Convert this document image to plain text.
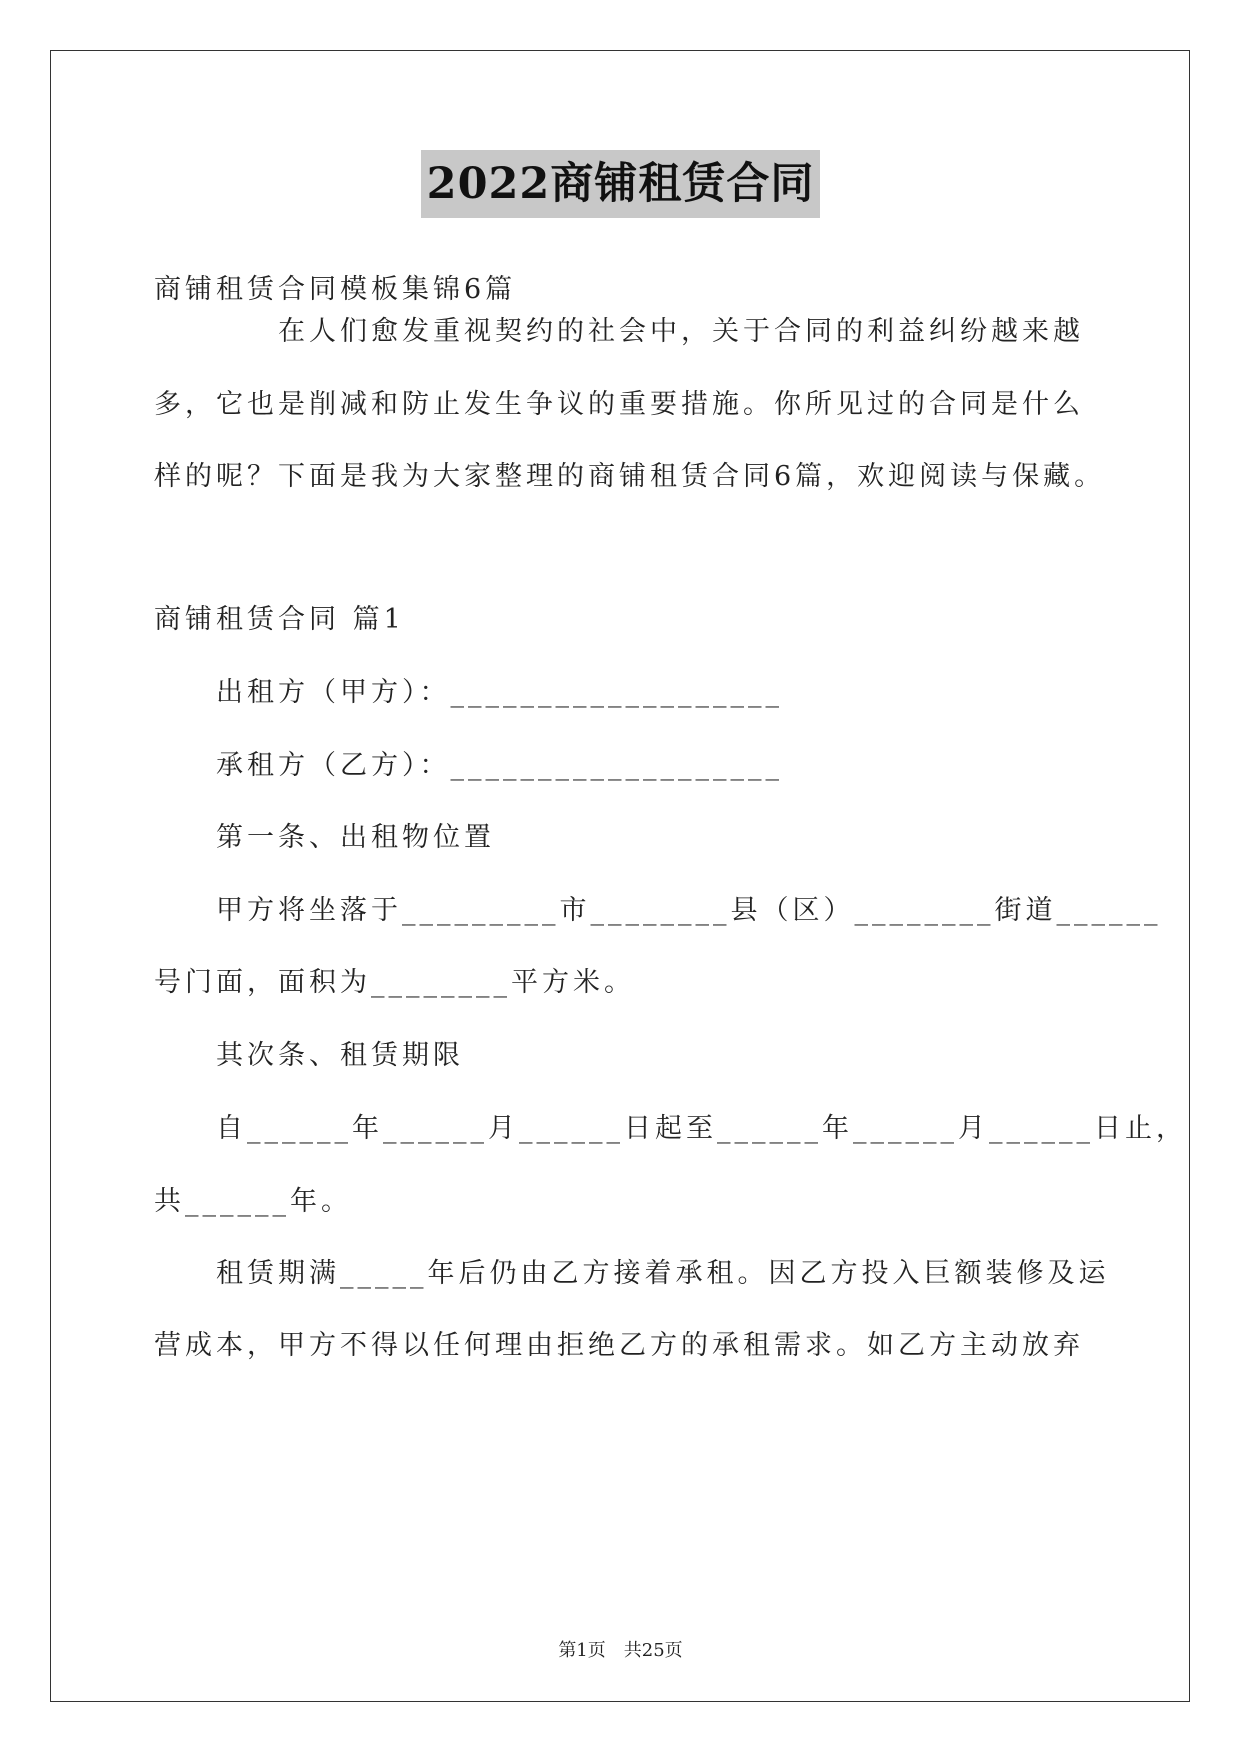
2022商铺租赁合同
商铺租赁合同模板集锦6篇
在人们愈发重视契约的社会中，关于合同的利益纠纷越来越
多，它也是削减和防止发生争议的重要措施。你所见过的合同是什么
样的呢？下面是我为大家整理的商铺租赁合同6篇，欢迎阅读与保藏。
商铺租赁合同 篇1
出租方（甲方）：___________________
承租方（乙方）：___________________
第一条、出租物位置
甲方将坐落于_________市________县（区）________街道______
号门面，面积为________平方米。
其次条、租赁期限
自______年______月______日起至______年______月______日止，
共______年。
租赁期满_____年后仍由乙方接着承租。因乙方投入巨额装修及运
营成本，甲方不得以任何理由拒绝乙方的承租需求。如乙方主动放弃
第1页　共25页
